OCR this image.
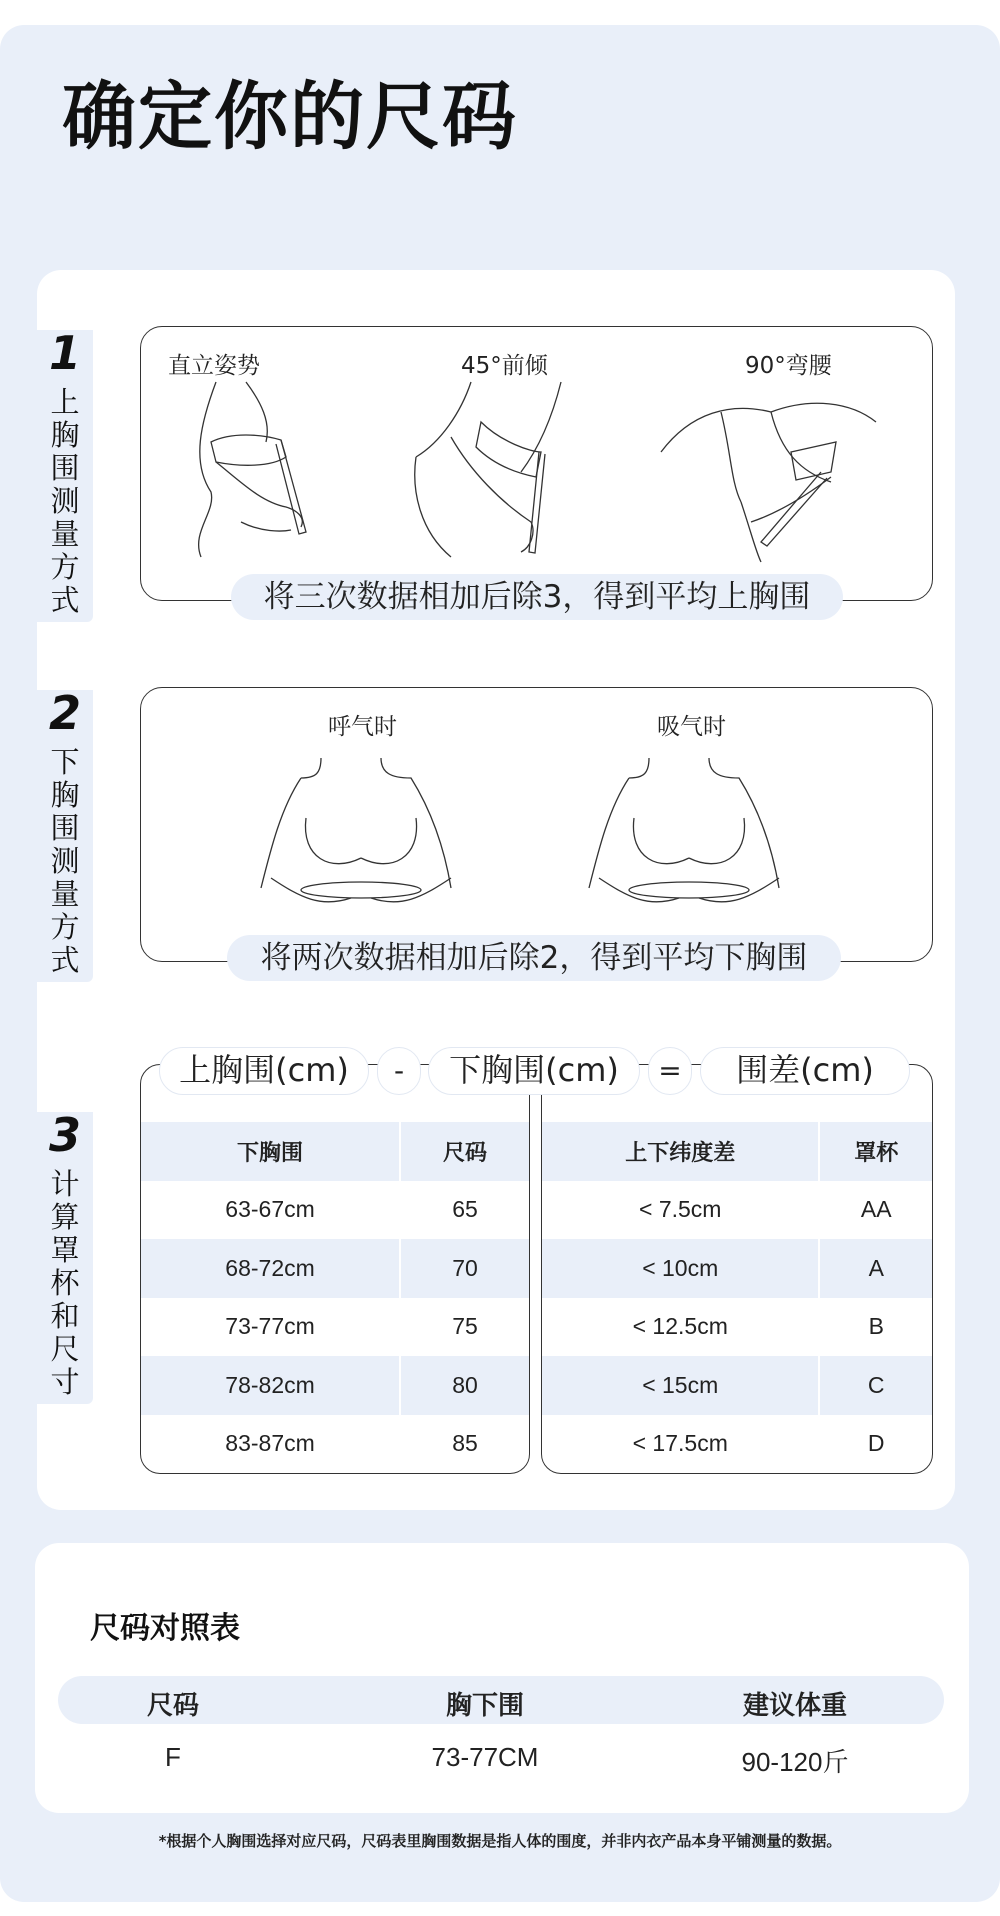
确定你的尺码
1
上胸围测量方式
直立姿势	45°前倾	90°弯腰
将三次数据相加后除3，得到平均上胸围
2
下胸围测量方式
呼气时	吸气时
将两次数据相加后除2，得到平均下胸围
3
计算罩杯和尺寸
下胸围	尺码
63-67cm	65
68-72cm	70
73-77cm	75
78-82cm	80
83-87cm	85
上下纬度差	罩杯
< 7.5cm	AA
< 10cm	A
< 12.5cm	B
< 15cm	C
< 17.5cm	D
上胸围(cm)	-	下胸围(cm)	=	围差(cm)
尺码对照表
尺码	胸下围	建议体重
F	73-77CM	90-120斤
*根据个人胸围选择对应尺码，尺码表里胸围数据是指人体的围度，并非内衣产品本身平铺测量的数据。
